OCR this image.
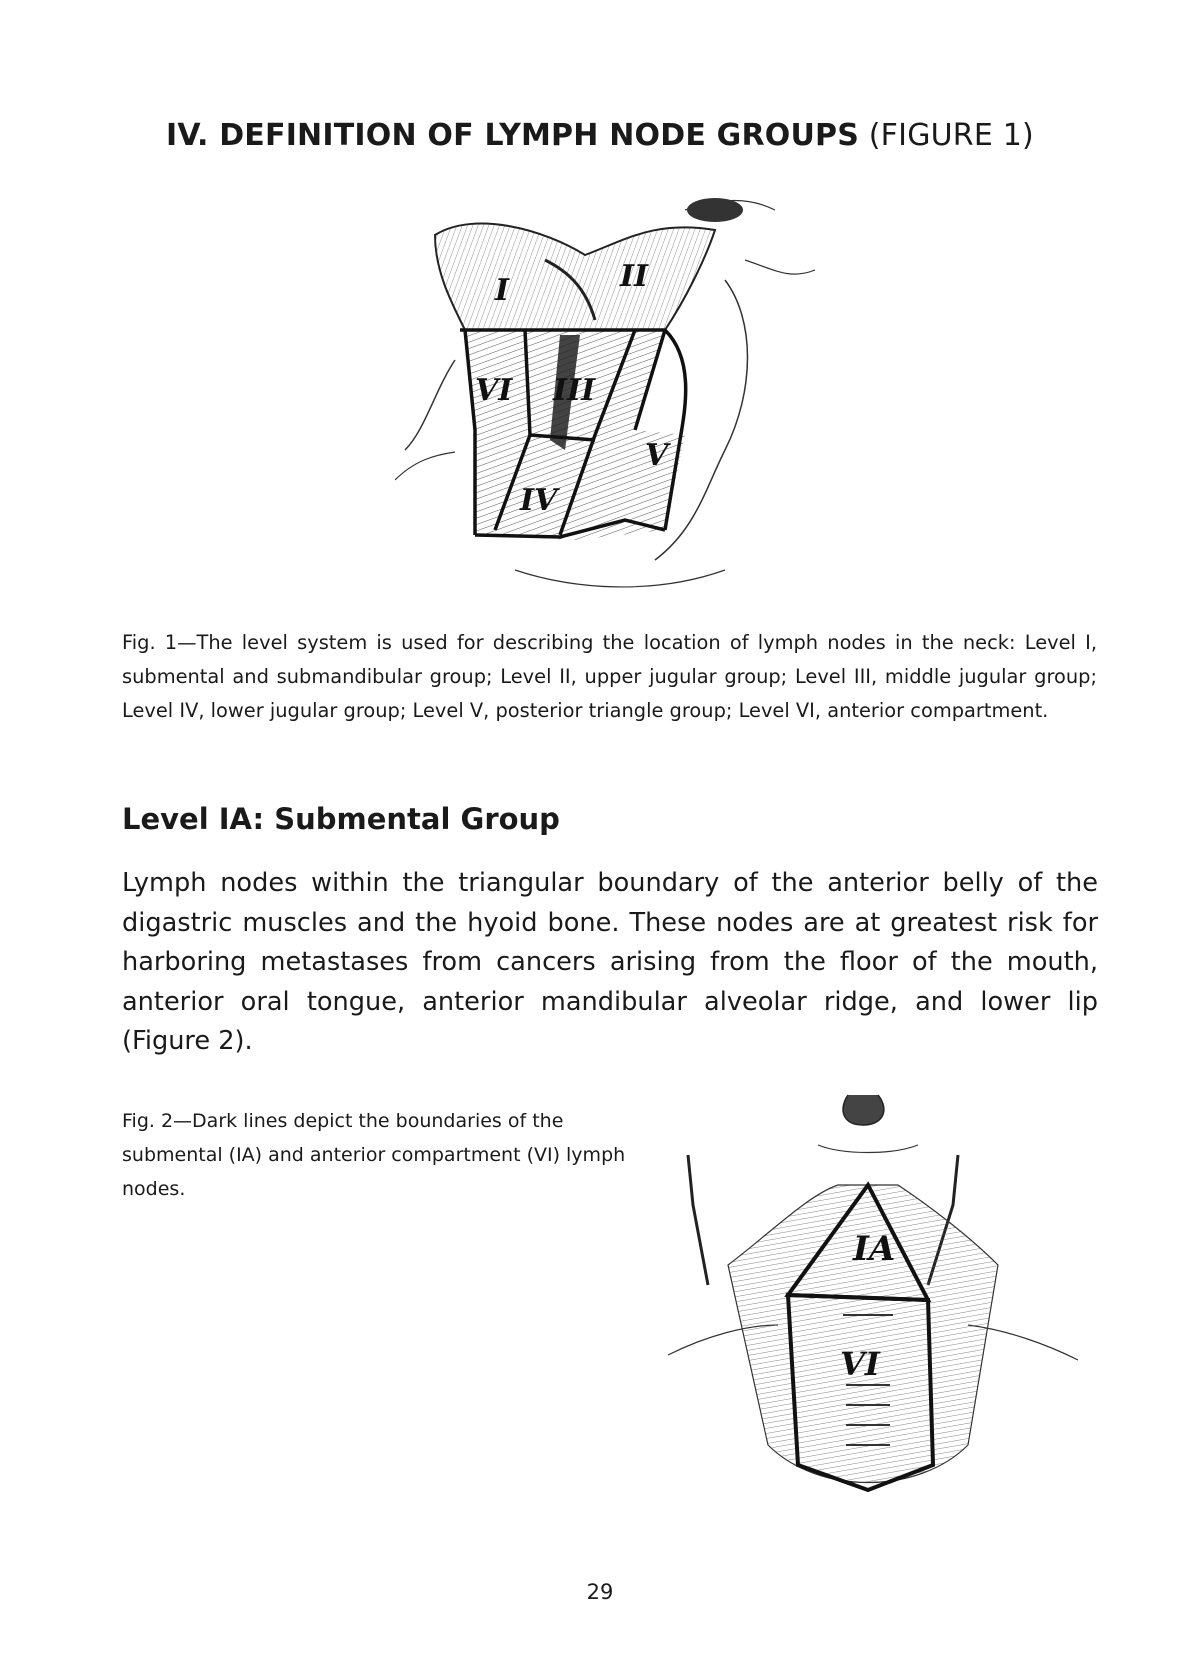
IV. DEFINITION OF LYMPH NODE GROUPS (FIGURE 1)
I	II
VI III
V
IV
Fig. 1—The level system is used for describing the location of lymph nodes in the neck: Level I, submental and submandibular group; Level II, upper jugular group; Level III, middle jugular group; Level IV, lower jugular group; Level V, posterior triangle group; Level VI, anterior compartment.
Level IA: Submental Group
Lymph nodes within the triangular boundary of the anterior belly of the digastric muscles and the hyoid bone. These nodes are at greatest risk for harboring metastases from cancers arising from the floor of the mouth, anterior oral tongue, anterior mandibular alveolar ridge, and lower lip (Figure 2).
Fig. 2—Dark lines depict the boundaries of the submental (IA) and anterior compartment (VI) lymph nodes.
IA
VI
29
